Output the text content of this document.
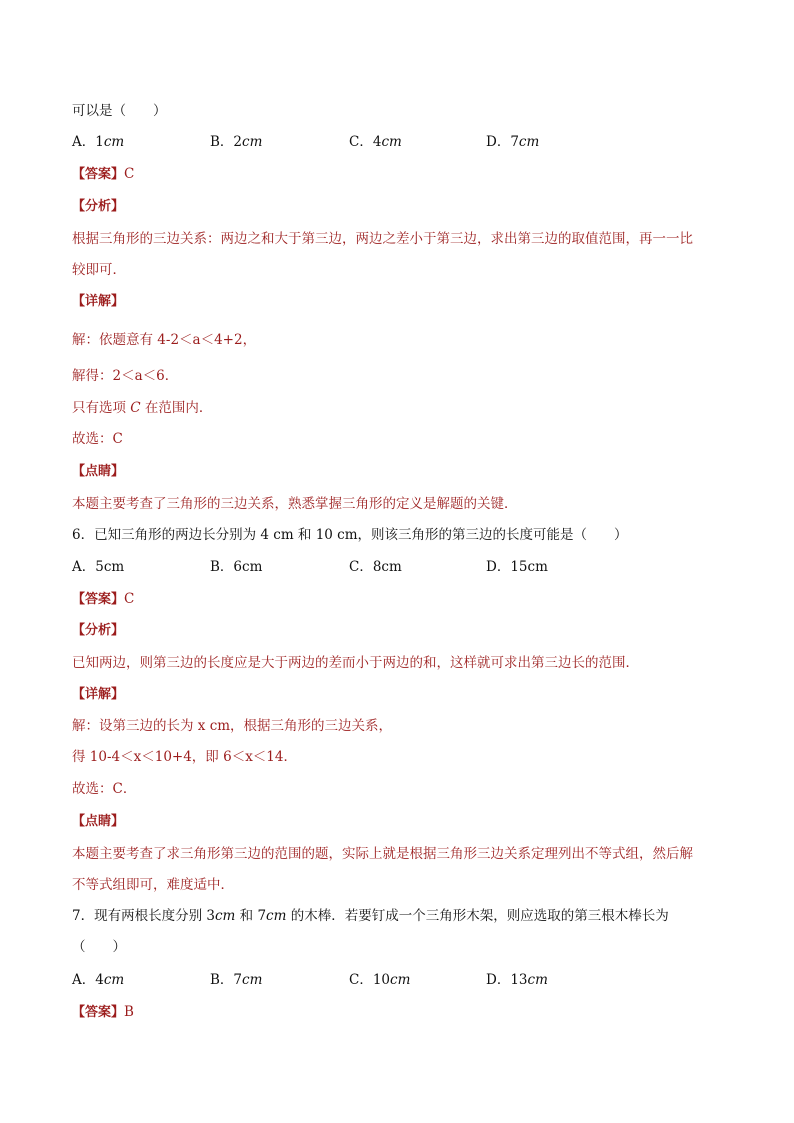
可以是（　　）
A．1cm	B．2cm	C．4cm	D．7cm
【答案】C
【分析】
根据三角形的三边关系：两边之和大于第三边，两边之差小于第三边，求出第三边的取值范围，再一一比
较即可．
【详解】
解：依题意有 4-2＜a＜4+2，
解得：2＜a＜6．
只有选项 C 在范围内．
故选：C
【点睛】
本题主要考查了三角形的三边关系，熟悉掌握三角形的定义是解题的关键．
6．已知三角形的两边长分别为 4 cm 和 10 cm，则该三角形的第三边的长度可能是（　　）
A．5cm	B．6cm	C．8cm	D．15cm
【答案】C
【分析】
已知两边，则第三边的长度应是大于两边的差而小于两边的和，这样就可求出第三边长的范围．
【详解】
解：设第三边的长为 x cm，根据三角形的三边关系，
得 10-4＜x＜10+4，即 6＜x＜14．
故选：C．
【点睛】
本题主要考查了求三角形第三边的范围的题，实际上就是根据三角形三边关系定理列出不等式组，然后解
不等式组即可，难度适中．
7．现有两根长度分别 3cm 和 7cm 的木棒．若要钉成一个三角形木架，则应选取的第三根木棒长为
（　　）
A．4cm	B．7cm	C．10cm	D．13cm
【答案】B
